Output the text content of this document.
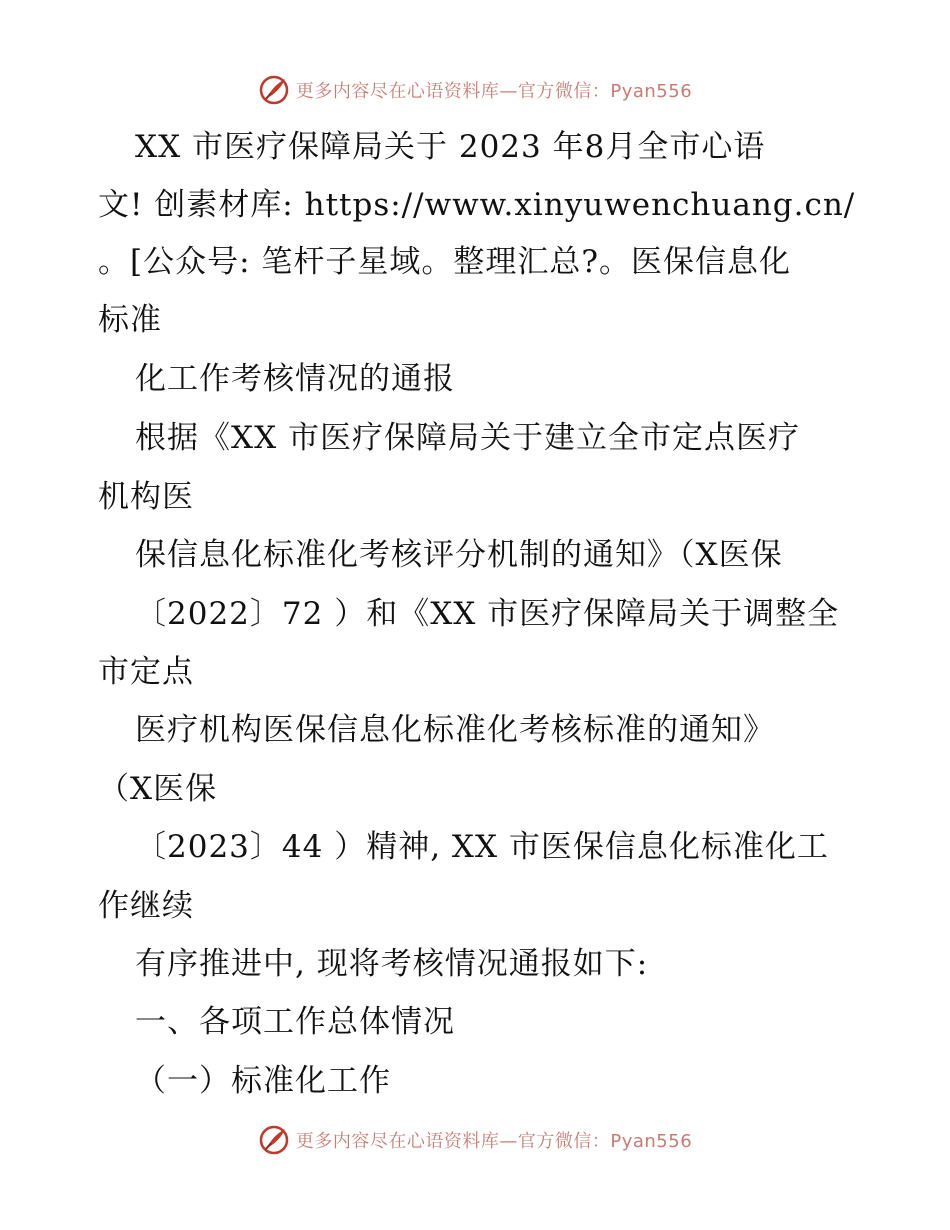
更多内容尽在心语资料库—官方微信：Pyan556
XX 市医疗保障局关于 2023 年8月全市心语
文! 创素材库: https://www.xinyuwenchuang.cn/
。[公众号: 笔杆子星域。整理汇总?。医保信息化
标准
化工作考核情况的通报
根据《XX 市医疗保障局关于建立全市定点医疗
机构医
保信息化标准化考核评分机制的通知》（X医保
〔2022〕72 ）和《XX 市医疗保障局关于调整全
市定点
医疗机构医保信息化标准化考核标准的通知》
（X医保
〔2023〕44 ）精神, XX 市医保信息化标准化工
作继续
有序推进中, 现将考核情况通报如下:
一、各项工作总体情况
（一）标准化工作
更多内容尽在心语资料库—官方微信：Pyan556
